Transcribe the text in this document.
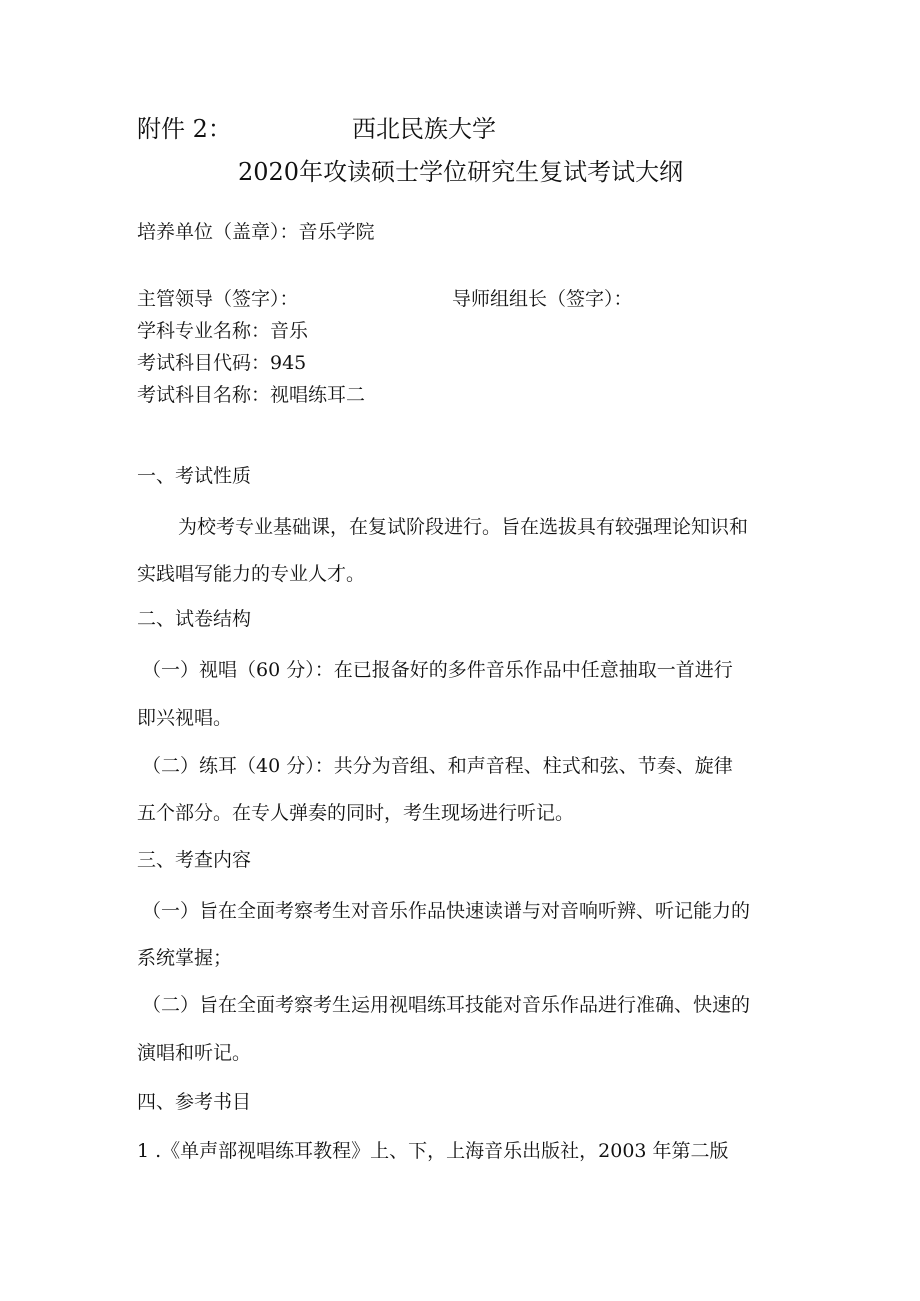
附件 2：	西北民族大学
2020年攻读硕士学位研究生复试考试大纲
培养单位（盖章）：音乐学院
主管领导（签字）：	导师组组长（签字）：
学科专业名称：音乐
考试科目代码：945
考试科目名称：视唱练耳二
一、考试性质
为校考专业基础课，在复试阶段进行。旨在选拔具有较强理论知识和
实践唱写能力的专业人才。
二、试卷结构
（一）视唱（60 分）：在已报备好的多件音乐作品中任意抽取一首进行
即兴视唱。
（二）练耳（40 分）：共分为音组、和声音程、柱式和弦、节奏、旋律
五个部分。在专人弹奏的同时，考生现场进行听记。
三、考查内容
（一）旨在全面考察考生对音乐作品快速读谱与对音响听辨、听记能力的
系统掌握；
（二）旨在全面考察考生运用视唱练耳技能对音乐作品进行准确、快速的
演唱和听记。
四、参考书目
1 .《单声部视唱练耳教程》上、下，上海音乐出版社，2003 年第二版
